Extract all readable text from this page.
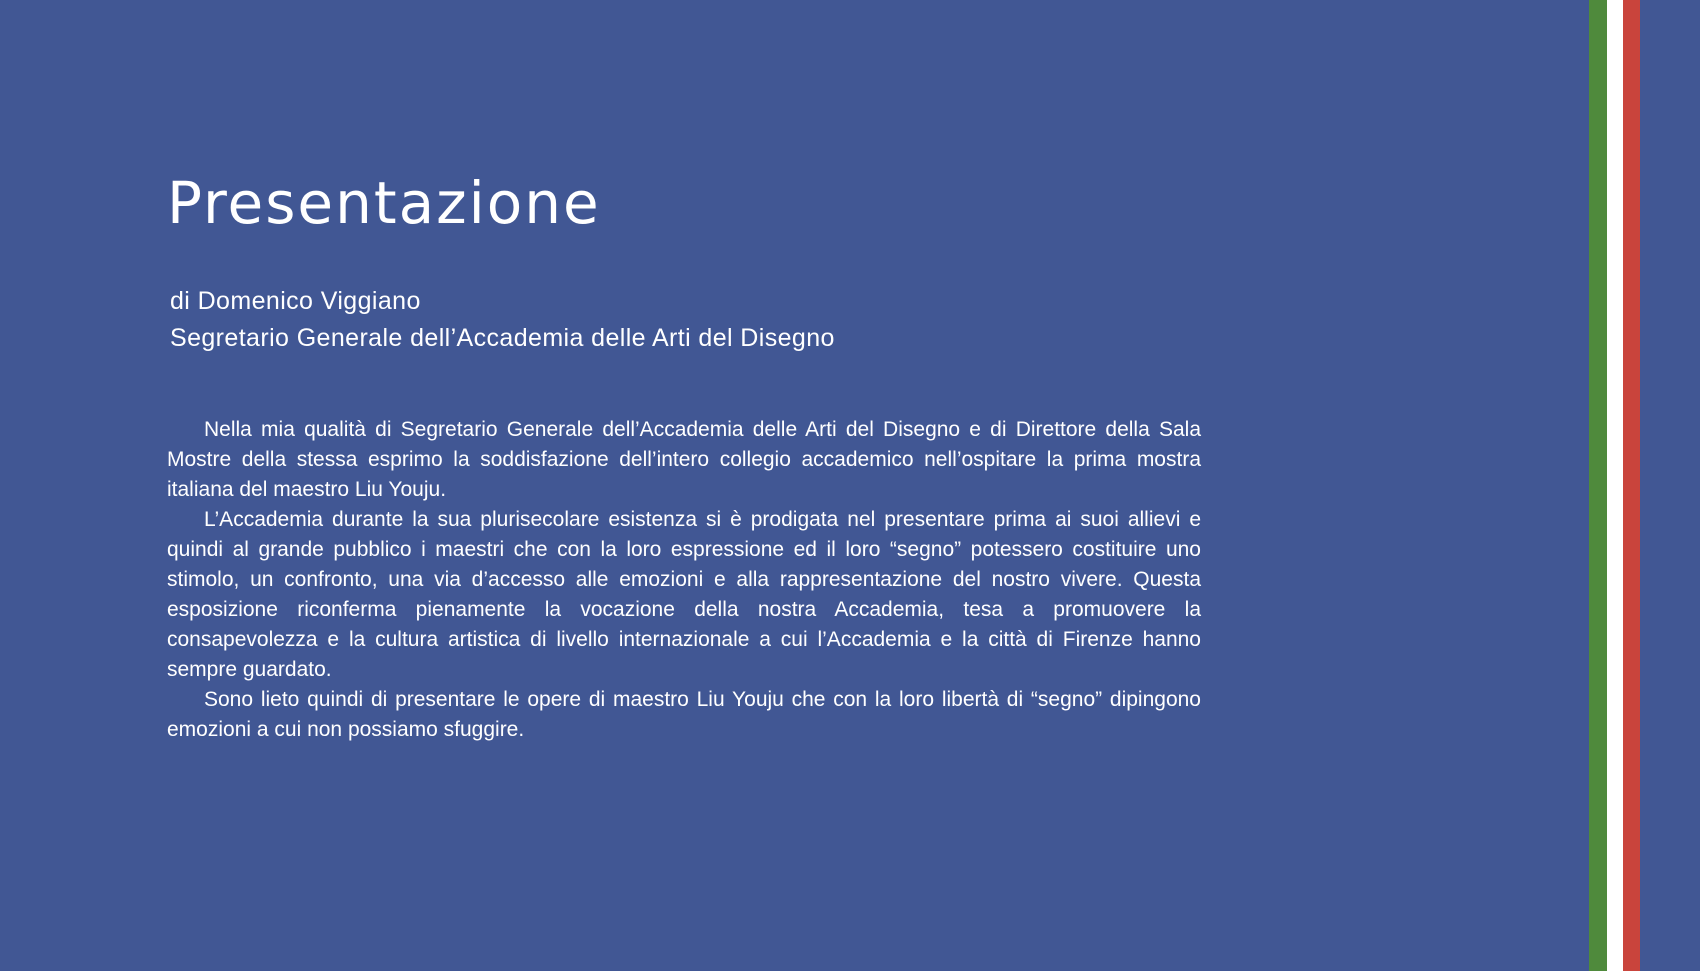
Presentazione
di Domenico Viggiano
Segretario Generale dell’Accademia delle Arti del Disegno

Nella mia qualità di Segretario Generale dell’Accademia delle Arti del Disegno e di Direttore della Sala Mostre della stessa esprimo la soddisfazione dell’intero collegio accademico nell’ospitare la prima mostra italiana del maestro Liu Youju.

L’Accademia durante la sua plurisecolare esistenza si è prodigata nel presentare prima ai suoi allievi e quindi al grande pubblico i maestri che con la loro espressione ed il loro “segno” potessero costituire uno stimolo, un confronto, una via d’accesso alle emozioni e alla rappresentazione del nostro vivere. Questa esposizione riconferma pienamente la vocazione della nostra Accademia, tesa a promuovere la consapevolezza e la cultura artistica di livello internazionale a cui l’Accademia e la città di Firenze hanno sempre guardato.

Sono lieto quindi di presentare le opere di maestro Liu Youju che con la loro libertà di “segno” dipingono emozioni a cui non possiamo sfuggire.
